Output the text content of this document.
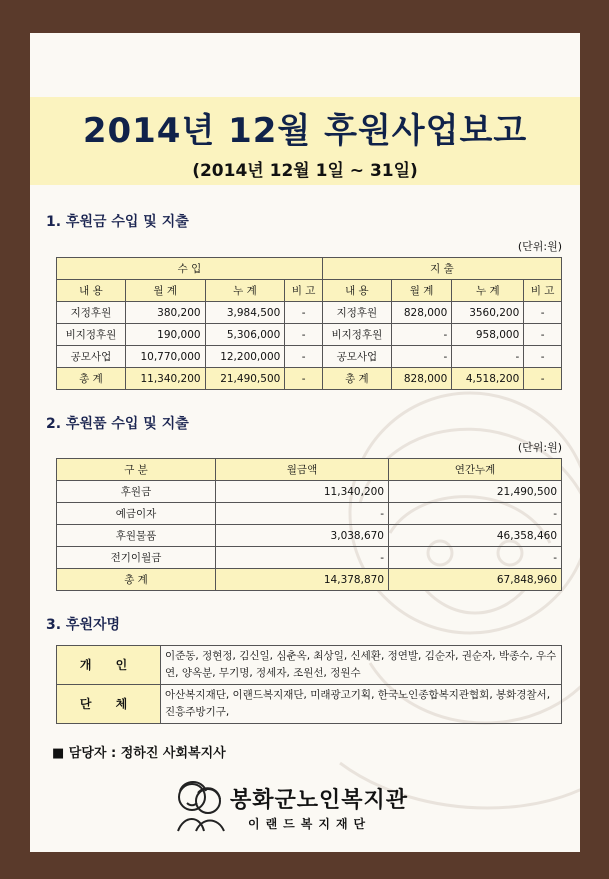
2014년 12월 후원사업보고
(2014년 12월 1일 ~ 31일)
1. 후원금 수입 및 지출
(단위:원)
수 입				지 출			
내 용	월 계	누 계	비 고	내 용	월 계	누 계	비 고
지정후원	380,200	3,984,500	-	지정후원	828,000	3560,200	-
비지정후원	190,000	5,306,000	-	비지정후원	-	958,000	-
공모사업	10,770,000	12,200,000	-	공모사업	-	-	-
총 계	11,340,200	21,490,500	-	총 계	828,000	4,518,200	-
2. 후원품 수입 및 지출
(단위:원)
구 분	월금액	연간누계
후원금	11,340,200	21,490,500
예금이자	-	-
후원물품	3,038,670	46,358,460
전기이월금	-	-
총 계	14,378,870	67,848,960
3. 후원자명
개 인	이준동, 정현정, 김신일, 심춘옥, 최상일, 신세환, 정연발, 김순자, 권순자, 박종수, 우수연, 양옥분, 무기명, 정세자, 조원선, 정원수
단 체	아산복지재단, 이랜드복지재단, 미래광고기획, 한국노인종합복지관협회, 봉화경찰서, 진흥주방기구,
■ 담당자 : 정하진 사회복지사
봉화군노인복지관
이랜드복지재단
